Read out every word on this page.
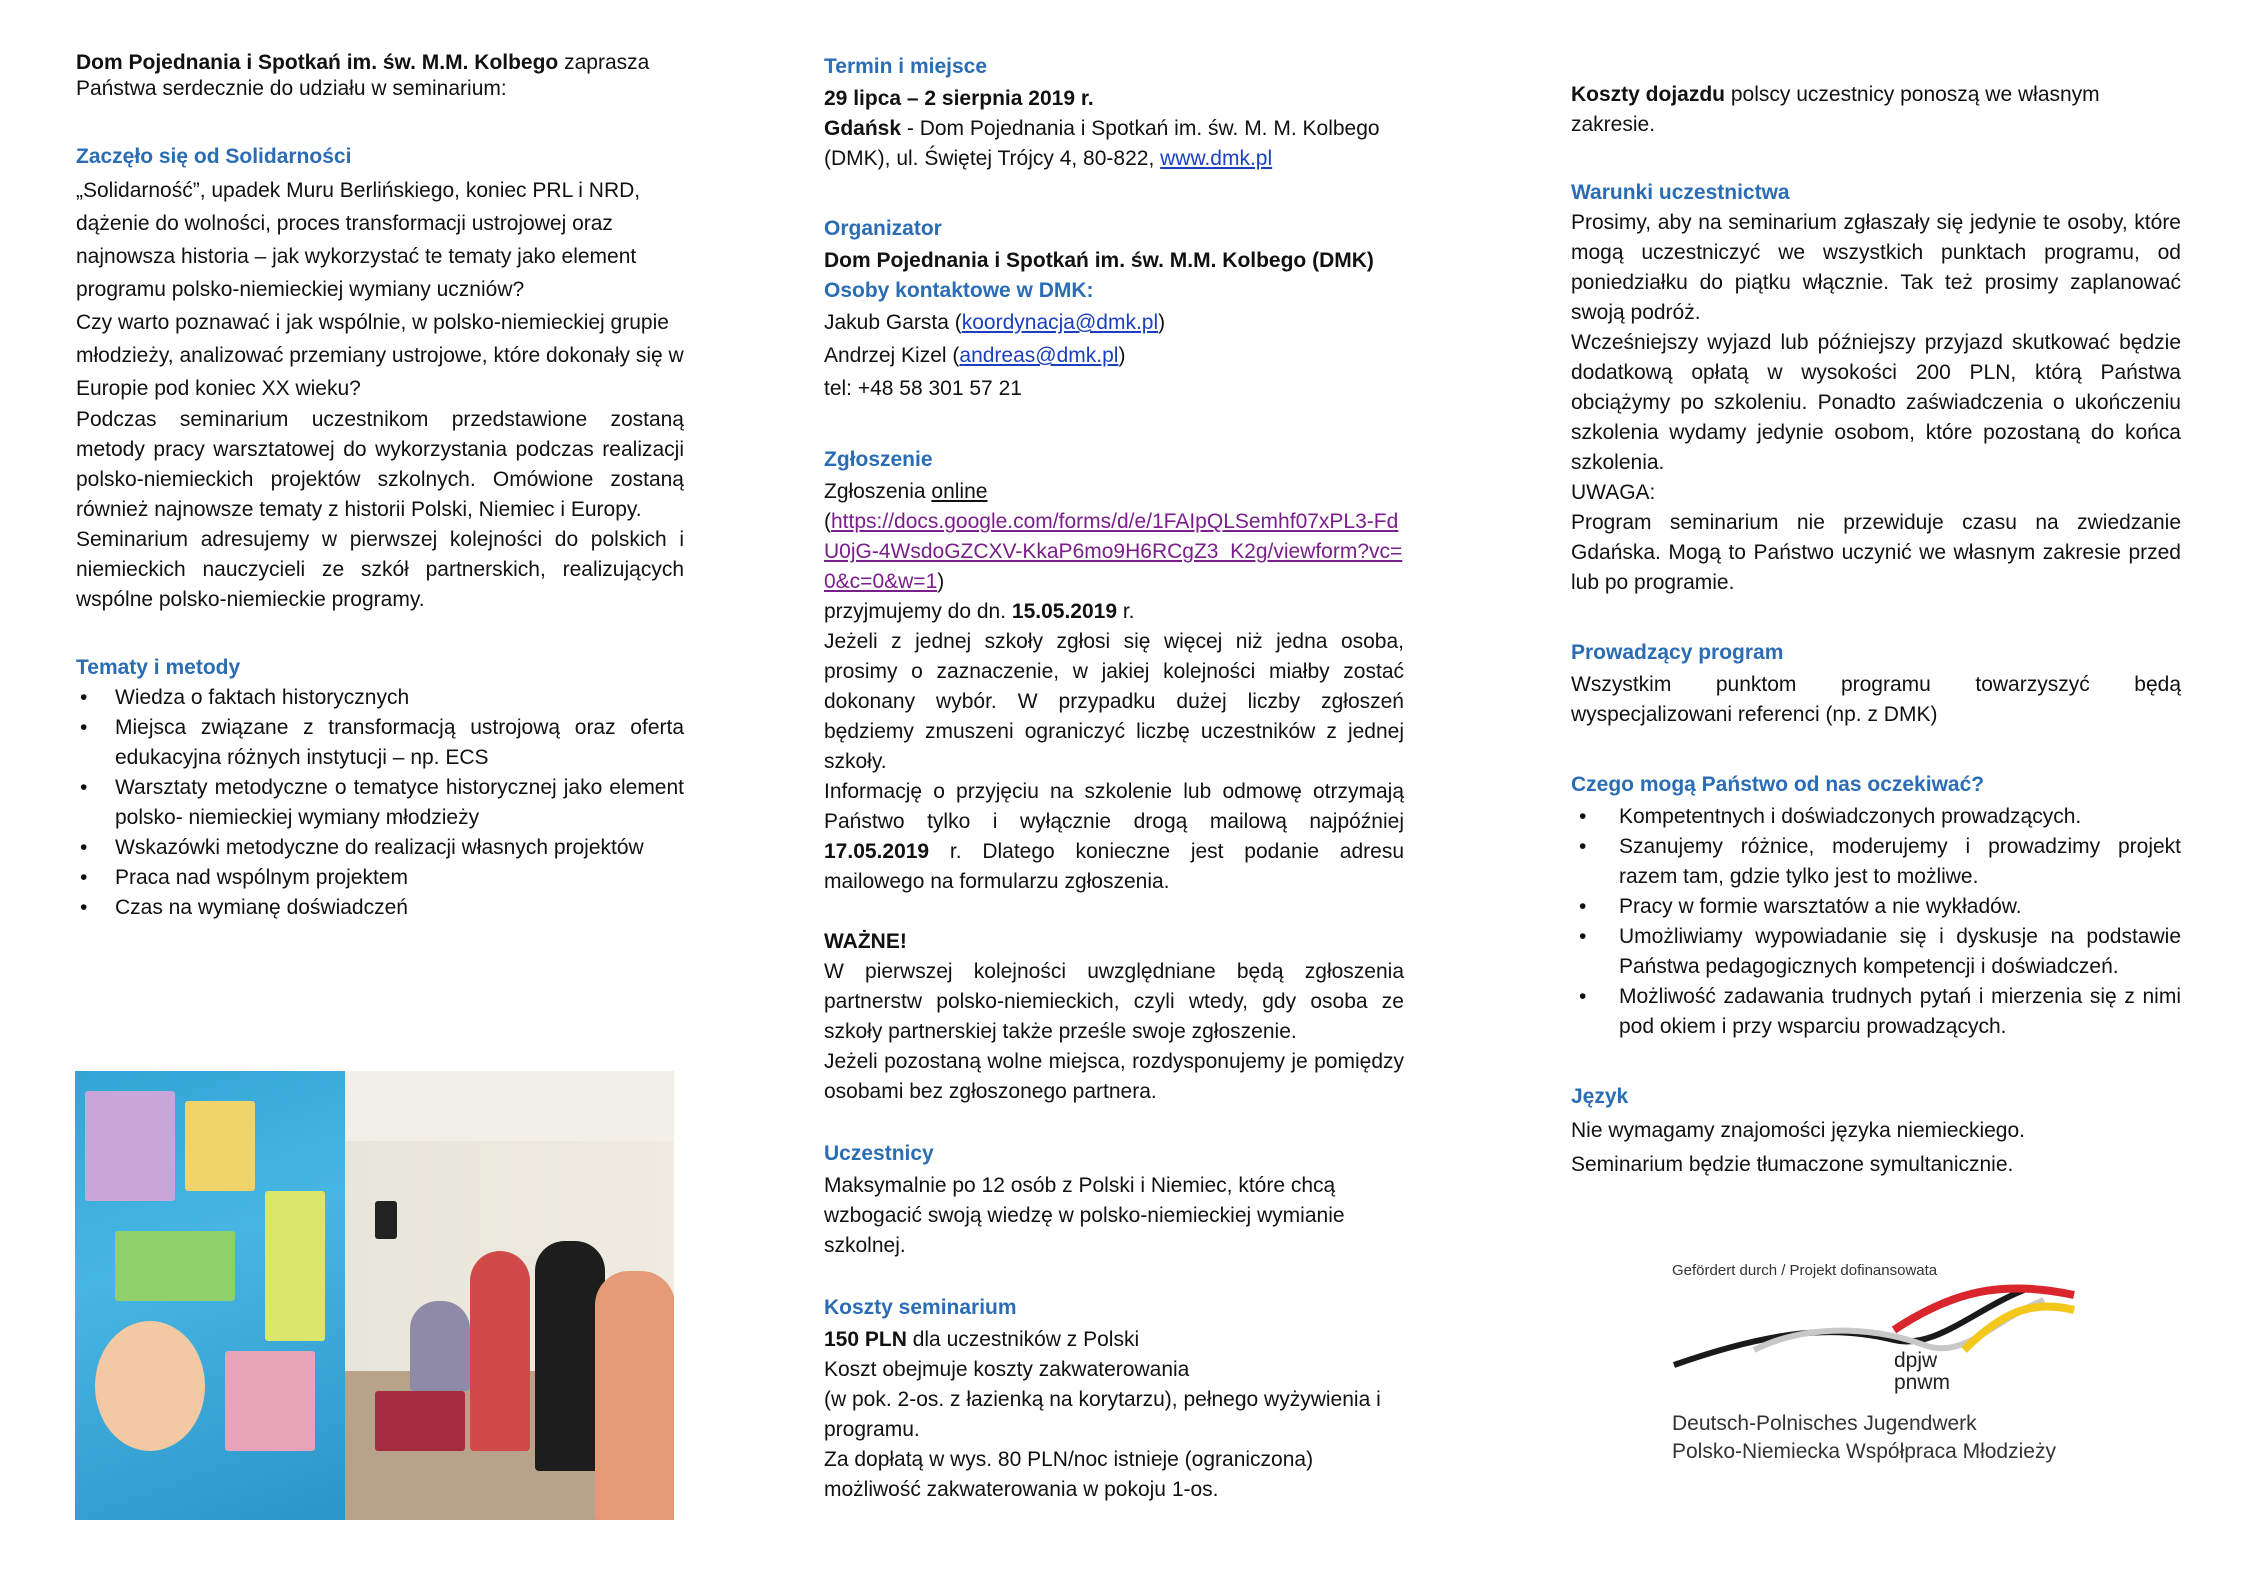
Dom Pojednania i Spotkań im. św. M.M. Kolbego zaprasza Państwa serdecznie do udziału w seminarium:

Zaczęło się od Solidarności

„Solidarność”, upadek Muru Berlińskiego, koniec PRL i NRD, dążenie do wolności, proces transformacji ustrojowej oraz najnowsza historia – jak wykorzystać te tematy jako element programu polsko-niemieckiej wymiany uczniów?

Czy warto poznawać i jak wspólnie, w polsko-niemieckiej grupie młodzieży, analizować przemiany ustrojowe, które dokonały się w Europie pod koniec XX wieku?

Podczas seminarium uczestnikom przedstawione zostaną metody pracy warsztatowej do wykorzystania podczas realizacji polsko-niemieckich projektów szkolnych. Omówione zostaną również najnowsze tematy z historii Polski, Niemiec i Europy.

Seminarium adresujemy w pierwszej kolejności do polskich i niemieckich nauczycieli ze szkół partnerskich, realizujących wspólne polsko-niemieckie programy.

Tematy i metody

• Wiedza o faktach historycznych
• Miejsca związane z transformacją ustrojową oraz oferta edukacyjna różnych instytucji – np. ECS
• Warsztaty metodyczne o tematyce historycznej jako element polsko- niemieckiej wymiany młodzieży
• Wskazówki metodyczne do realizacji własnych projektów
• Praca nad wspólnym projektem
• Czas na wymianę doświadczeń

Termin i miejsce

29 lipca – 2 sierpnia 2019 r.

Gdańsk - Dom Pojednania i Spotkań im. św. M. M. Kolbego (DMK), ul. Świętej Trójcy 4, 80-822, www.dmk.pl

Organizator

Dom Pojednania i Spotkań im. św. M.M. Kolbego (DMK)

Osoby kontaktowe w DMK:

Jakub Garsta (koordynacja@dmk.pl)

Andrzej Kizel (andreas@dmk.pl)

tel: +48 58 301 57 21

Zgłoszenie

Zgłoszenia online

(https://docs.google.com/forms/d/e/1FAIpQLSemhf07xPL3-FdU0jG-4WsdoGZCXV-KkaP6mo9H6RCgZ3_K2g/viewform?vc=0&c=0&w=1)

przyjmujemy do dn. 15.05.2019 r.

Jeżeli z jednej szkoły zgłosi się więcej niż jedna osoba, prosimy o zaznaczenie, w jakiej kolejności miałby zostać dokonany wybór. W przypadku dużej liczby zgłoszeń będziemy zmuszeni ograniczyć liczbę uczestników z jednej szkoły.

Informację o przyjęciu na szkolenie lub odmowę otrzymają Państwo tylko i wyłącznie drogą mailową najpóźniej 17.05.2019 r. Dlatego konieczne jest podanie adresu mailowego na formularzu zgłoszenia.

WAŻNE!

W pierwszej kolejności uwzględniane będą zgłoszenia partnerstw polsko-niemieckich, czyli wtedy, gdy osoba ze szkoły partnerskiej także prześle swoje zgłoszenie.

Jeżeli pozostaną wolne miejsca, rozdysponujemy je pomiędzy osobami bez zgłoszonego partnera.

Uczestnicy

Maksymalnie po 12 osób z Polski i Niemiec, które chcą wzbogacić swoją wiedzę w polsko-niemieckiej wymianie szkolnej.

Koszty seminarium

150 PLN dla uczestników z Polski

Koszt obejmuje koszty zakwaterowania

(w pok. 2-os. z łazienką na korytarzu), pełnego wyżywienia i programu.

Za dopłatą w wys. 80 PLN/noc istnieje (ograniczona) możliwość zakwaterowania w pokoju 1-os.

Koszty dojazdu polscy uczestnicy ponoszą we własnym zakresie.

Warunki uczestnictwa

Prosimy, aby na seminarium zgłaszały się jedynie te osoby, które mogą uczestniczyć we wszystkich punktach programu, od poniedziałku do piątku włącznie. Tak też prosimy zaplanować swoją podróż.

Wcześniejszy wyjazd lub późniejszy przyjazd skutkować będzie dodatkową opłatą w wysokości 200 PLN, którą Państwa obciążymy po szkoleniu. Ponadto zaświadczenia o ukończeniu szkolenia wydamy jedynie osobom, które pozostaną do końca szkolenia.

UWAGA:

Program seminarium nie przewiduje czasu na zwiedzanie Gdańska. Mogą to Państwo uczynić we własnym zakresie przed lub po programie.

Prowadzący program

Wszystkim punktom programu towarzyszyć będą wyspecjalizowani referenci (np. z DMK)

Czego mogą Państwo od nas oczekiwać?

• Kompetentnych i doświadczonych prowadzących.
• Szanujemy różnice, moderujemy i prowadzimy projekt razem tam, gdzie tylko jest to możliwe.
• Pracy w formie warsztatów a nie wykładów.
• Umożliwiamy wypowiadanie się i dyskusje na podstawie Państwa pedagogicznych kompetencji i doświadczeń.
• Możliwość zadawania trudnych pytań i mierzenia się z nimi pod okiem i przy wsparciu prowadzących.

Język

Nie wymagamy znajomości języka niemieckiego.

Seminarium będzie tłumaczone symultanicznie.

Gefördert durch / Projekt dofinansowata
dpjw
pnwm
Deutsch-Polnisches Jugendwerk
Polsko-Niemiecka Współpraca Młodzieży
